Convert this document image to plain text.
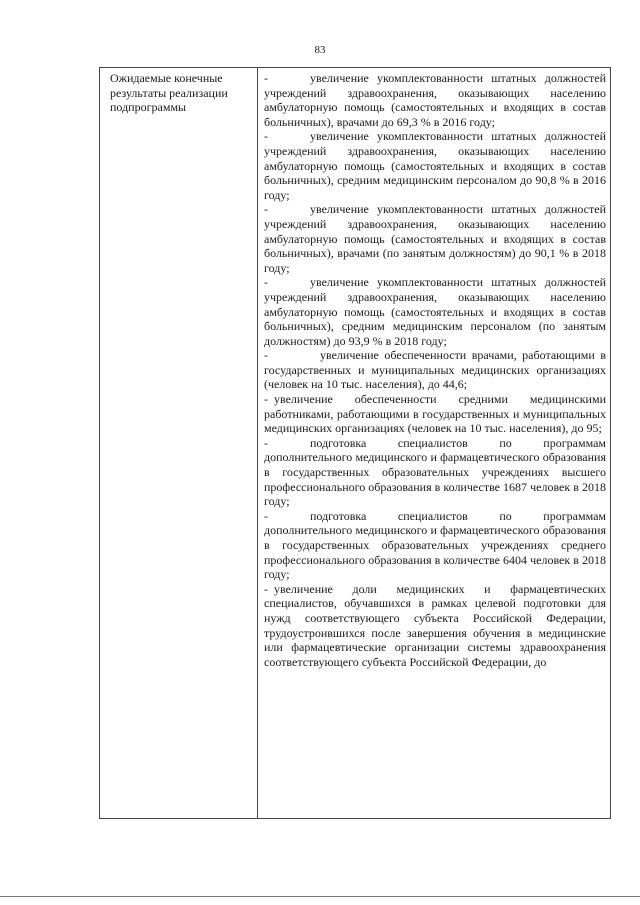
83
Ожидаемые конечные результаты реализации подпрограммы	

-	увеличение укомплектованности штатных должностей учреждений здравоохранения, оказывающих населению амбулаторную помощь (самостоятельных и входящих в состав больничных), врачами до 69,3 % в 2016 году;

-	увеличение укомплектованности штатных должностей учреждений здравоохранения, оказывающих населению амбулаторную помощь (самостоятельных и входящих в состав больничных), средним медицинским персоналом до 90,8 % в 2016 году;

-	увеличение укомплектованности штатных должностей учреждений здравоохранения, оказывающих населению амбулаторную помощь (самостоятельных и входящих в состав больничных), врачами (по занятым должностям) до 90,1 % в 2018 году;

-	увеличение укомплектованности штатных должностей учреждений здравоохранения, оказывающих населению амбулаторную помощь (самостоятельных и входящих в состав больничных), средним медицинским персоналом (по занятым должностям) до 93,9 % в 2018 году;

-	увеличение обеспеченности врачами, работающими в государственных и муниципальных медицинских организациях (человек на 10 тыс. населения), до 44,6;

- увеличение обеспеченности средними медицинскими работниками, работающими в государственных и муниципальных медицинских организациях (человек на 10 тыс. населения), до 95;

-	подготовка специалистов по программам дополнительного медицинского и фармацевтического образования в государственных образовательных учреждениях высшего профессионального образования в количестве 1687 человек в 2018 году;

-	подготовка специалистов по программам дополнительного медицинского и фармацевтического образования в государственных образовательных учреждениях среднего профессионального образования в количестве 6404 человек в 2018 году;

- увеличение доли медицинских и фармацевтических специалистов, обучавшихся в рамках целевой подготовки для нужд соответствующего субъекта Российской Федерации, трудоустроившихся после завершения обучения в медицинские или фармацевтические организации системы здравоохранения соответствующего субъекта Российской Федерации, до
